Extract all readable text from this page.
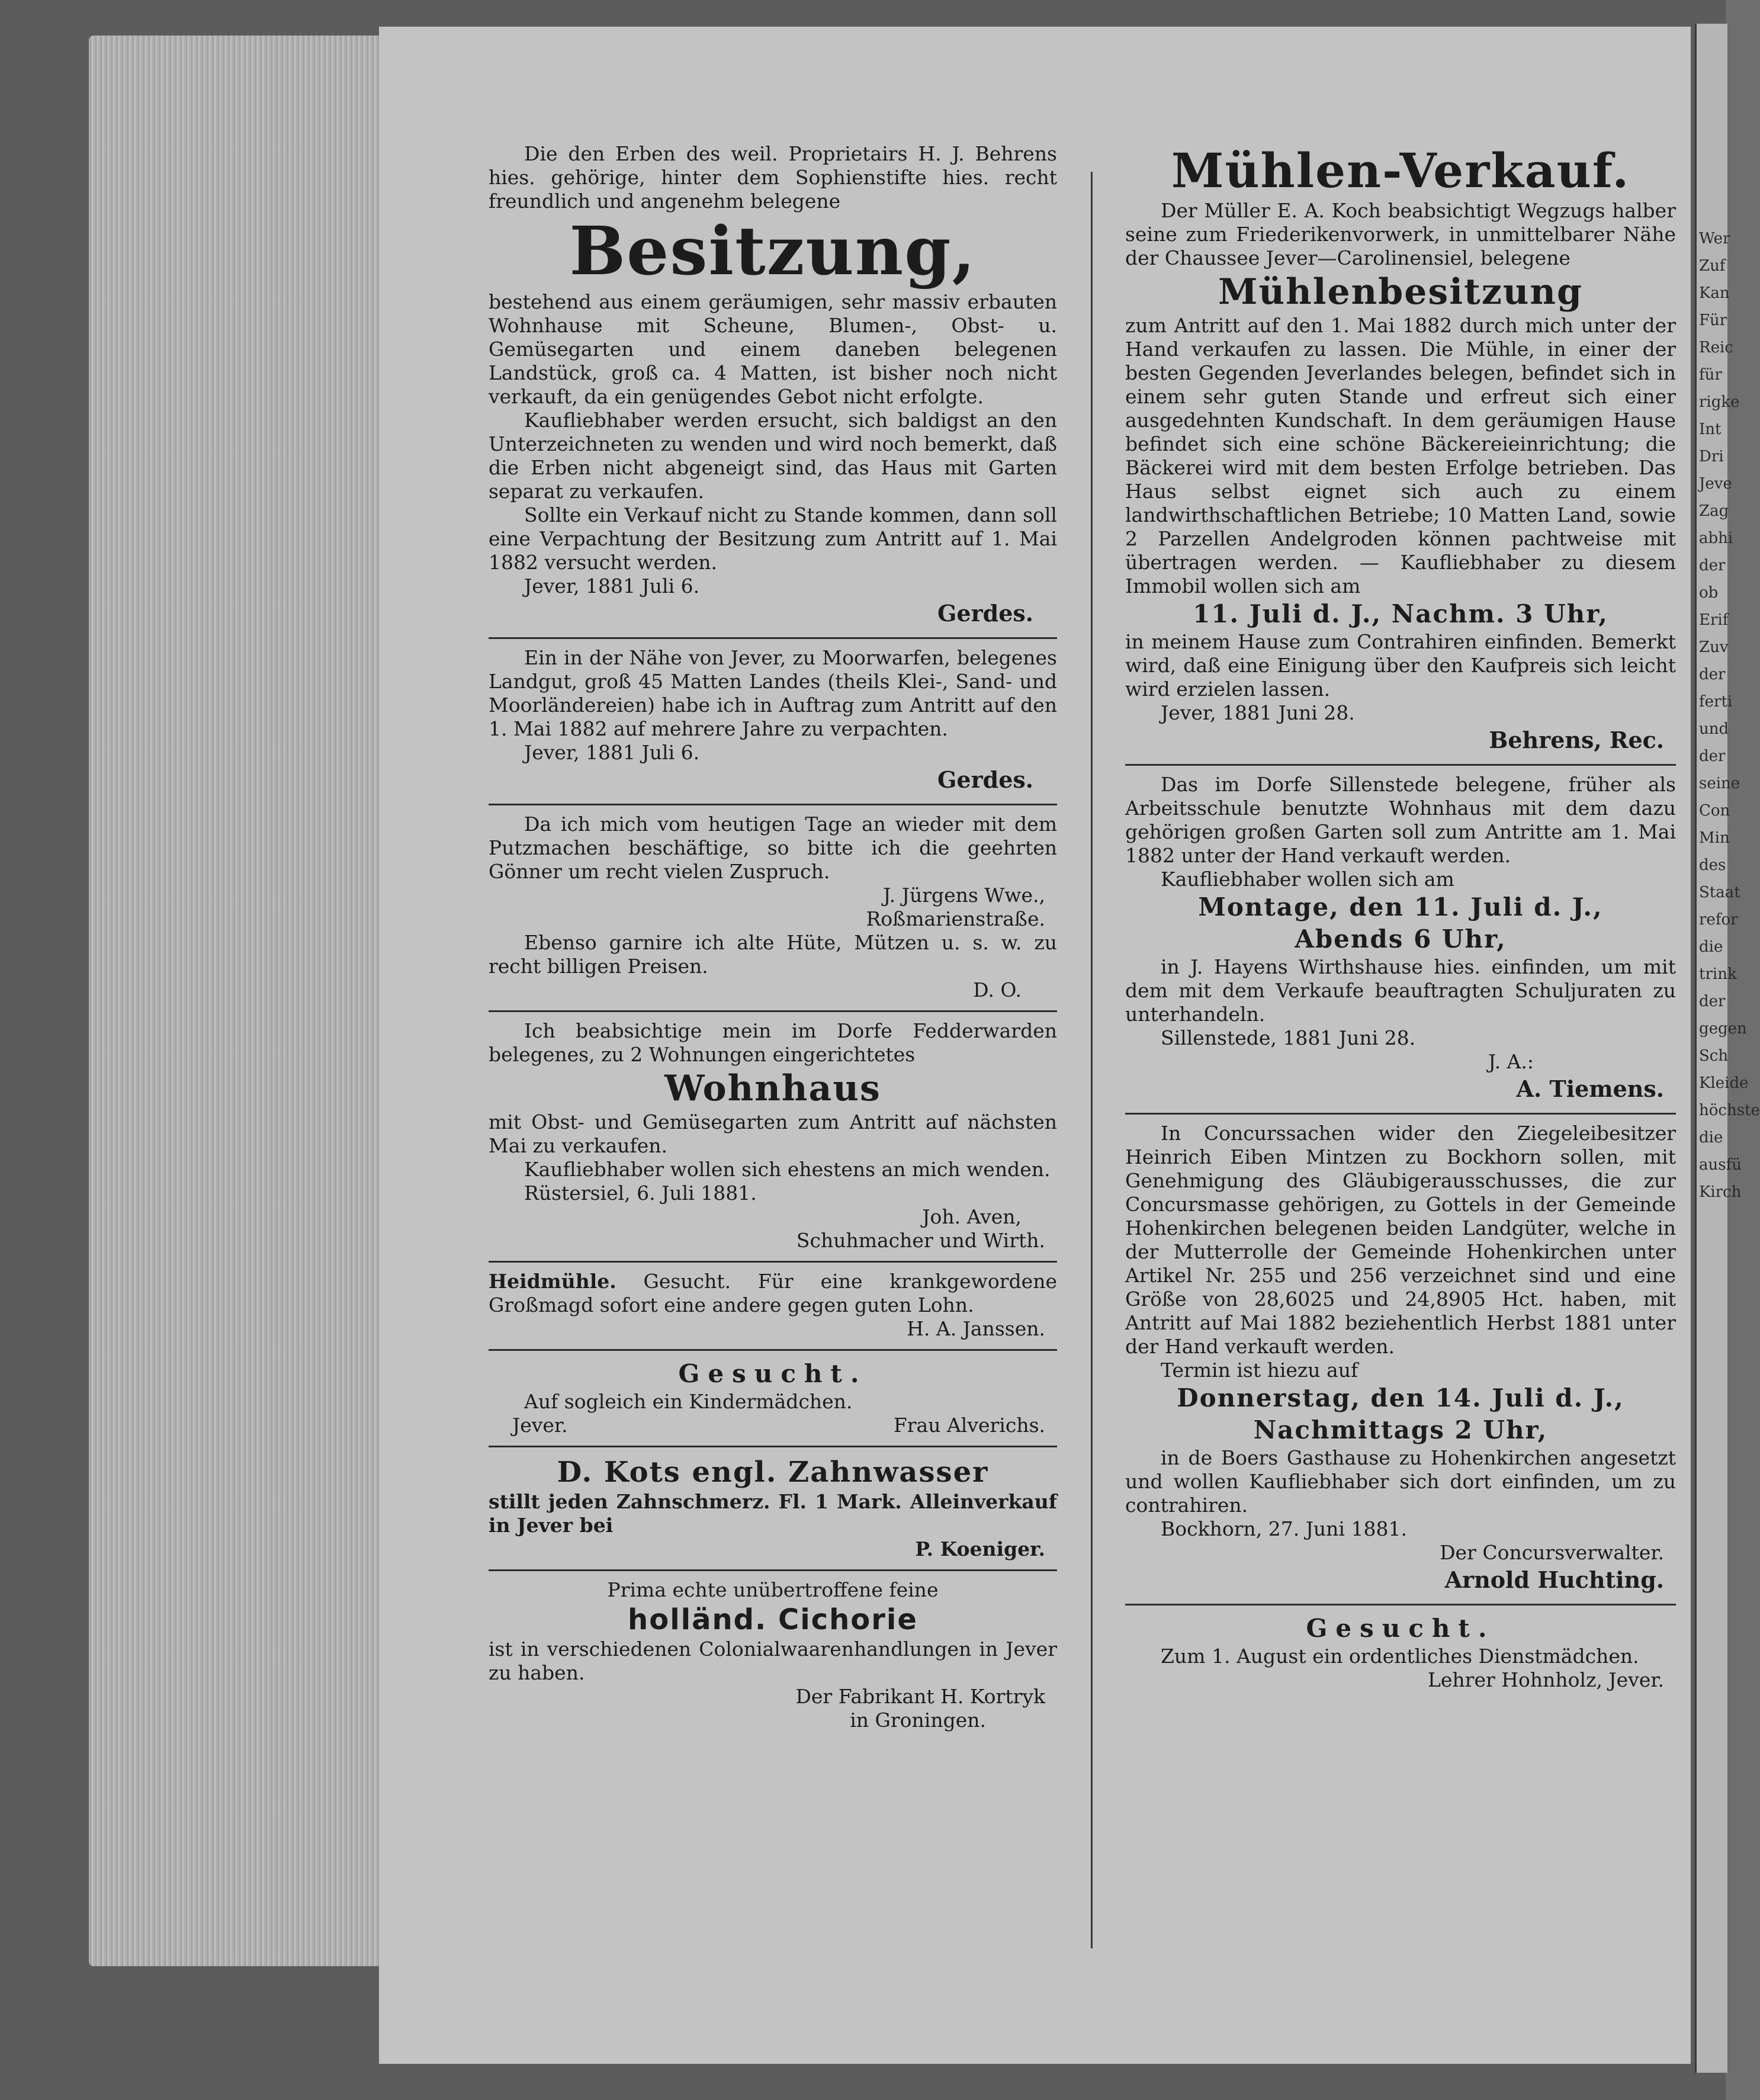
Wer
Zuf
Kan
Für
Reic
für
rigke
Int
Dri
Jeve
Zag
abhi
der
ob
Erif
Zuv
der
ferti
und
der
seine
Con
Min
des
Staat
refor
die
trink
der
gegen
Sch
Kleide
höchste
die
ausfü
Kirch

Die den Erben des weil. Proprietairs H. J. Behrens hies. gehörige, hinter dem Sophienstifte hies. recht freundlich und angenehm belegene

Besitzung,

bestehend aus einem geräumigen, sehr massiv erbauten Wohnhause mit Scheune, Blumen-, Obst- u. Gemüsegarten und einem daneben belegenen Landstück, groß ca. 4 Matten, ist bisher noch nicht verkauft, da ein genügendes Gebot nicht erfolgte.

Kaufliebhaber werden ersucht, sich baldigst an den Unterzeichneten zu wenden und wird noch bemerkt, daß die Erben nicht abgeneigt sind, das Haus mit Garten separat zu verkaufen.

Sollte ein Verkauf nicht zu Stande kommen, dann soll eine Verpachtung der Besitzung zum Antritt auf 1. Mai 1882 versucht werden.

Jever, 1881 Juli 6.

Gerdes.

Ein in der Nähe von Jever, zu Moorwarfen, belegenes Landgut, groß 45 Matten Landes (theils Klei-, Sand- und Moorländereien) habe ich in Auftrag zum Antritt auf den 1. Mai 1882 auf mehrere Jahre zu verpachten.

Jever, 1881 Juli 6.

Gerdes.

Da ich mich vom heutigen Tage an wieder mit dem Putzmachen beschäftige, so bitte ich die geehrten Gönner um recht vielen Zuspruch.

J. Jürgens Wwe.,

Roßmarienstraße.

Ebenso garnire ich alte Hüte, Mützen u. s. w. zu recht billigen Preisen.

D. O.

Ich beabsichtige mein im Dorfe Fedderwarden belegenes, zu 2 Wohnungen eingerichtetes

Wohnhaus

mit Obst- und Gemüsegarten zum Antritt auf nächsten Mai zu verkaufen.

Kaufliebhaber wollen sich ehestens an mich wenden.

Rüstersiel, 6. Juli 1881.

Joh. Aven,

Schuhmacher und Wirth.

Heidmühle. Gesucht. Für eine krankgewordene Großmagd sofort eine andere gegen guten Lohn.

H. A. Janssen.

Gesucht.

Auf sogleich ein Kindermädchen.

Jever.	Frau Alverichs.
D. Kots engl. Zahnwasser

stillt jeden Zahnschmerz. Fl. 1 Mark. Alleinverkauf in Jever bei

P. Koeniger.

Prima echte unübertroffene feine

holländ. Cichorie

ist in verschiedenen Colonialwaarenhandlungen in Jever zu haben.

Der Fabrikant H. Kortryk

in Groningen.

Mühlen-Verkauf.

Der Müller E. A. Koch beabsichtigt Wegzugs halber seine zum Friederikenvorwerk, in unmittelbarer Nähe der Chaussee Jever—Carolinensiel, belegene

Mühlenbesitzung

zum Antritt auf den 1. Mai 1882 durch mich unter der Hand verkaufen zu lassen. Die Mühle, in einer der besten Gegenden Jeverlandes belegen, befindet sich in einem sehr guten Stande und erfreut sich einer ausgedehnten Kundschaft. In dem geräumigen Hause befindet sich eine schöne Bäckereieinrichtung; die Bäckerei wird mit dem besten Erfolge betrieben. Das Haus selbst eignet sich auch zu einem landwirthschaftlichen Betriebe; 10 Matten Land, sowie 2 Parzellen Andelgroden können pachtweise mit übertragen werden. — Kaufliebhaber zu diesem Immobil wollen sich am

11. Juli d. J., Nachm. 3 Uhr,

in meinem Hause zum Contrahiren einfinden. Bemerkt wird, daß eine Einigung über den Kaufpreis sich leicht wird erzielen lassen.

Jever, 1881 Juni 28.

Behrens, Rec.

Das im Dorfe Sillenstede belegene, früher als Arbeitsschule benutzte Wohnhaus mit dem dazu gehörigen großen Garten soll zum Antritte am 1. Mai 1882 unter der Hand verkauft werden.

Kaufliebhaber wollen sich am

Montage, den 11. Juli d. J.,
Abends 6 Uhr,

in J. Hayens Wirthshause hies. einfinden, um mit dem mit dem Verkaufe beauftragten Schuljuraten zu unterhandeln.

Sillenstede, 1881 Juni 28.

J. A.:

A. Tiemens.

In Concurssachen wider den Ziegeleibesitzer Heinrich Eiben Mintzen zu Bockhorn sollen, mit Genehmigung des Gläubigerausschusses, die zur Concursmasse gehörigen, zu Gottels in der Gemeinde Hohenkirchen belegenen beiden Landgüter, welche in der Mutterrolle der Gemeinde Hohenkirchen unter Artikel Nr. 255 und 256 verzeichnet sind und eine Größe von 28,6025 und 24,8905 Hct. haben, mit Antritt auf Mai 1882 beziehentlich Herbst 1881 unter der Hand verkauft werden.

Termin ist hiezu auf

Donnerstag, den 14. Juli d. J.,
Nachmittags 2 Uhr,

in de Boers Gasthause zu Hohenkirchen angesetzt und wollen Kaufliebhaber sich dort einfinden, um zu contrahiren.

Bockhorn, 27. Juni 1881.

Der Concursverwalter.

Arnold Huchting.
Gesucht.

Zum 1. August ein ordentliches Dienstmädchen.

Lehrer Hohnholz, Jever.
